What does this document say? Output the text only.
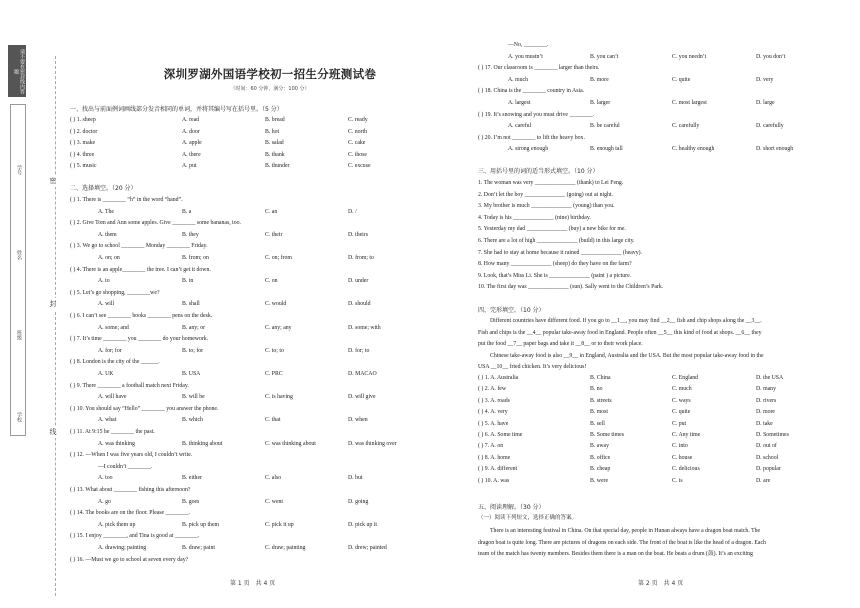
请不要在密封线内答题
学号
姓名
班级
学校
密
封
线
深圳罗湖外国语学校初一招生分班测试卷
（时间：60 分钟，满分：100 分）
一、找出与前面例词画线部分发音相同的单词，并将其编号写在括号里。（5 分）
( ) 1. sheep	A. read	B. bread	C. ready
( ) 2. doctor	A. door	B. hot	C. north
( ) 3. make	A. apple	B. salad	C. cake
( ) 4. three	A. there	B. thank	C. those
( ) 5. music	A. put	B. thunder	C. excuse
二、选择填空。（20 分）
( ) 1. There is ________ “h” in the word “hand”.
A. The	B. a	C. an	D. /
( ) 2. Give Tom and Ann some apples. Give ________ some bananas, too.
A. them	B. they	C. their	D. theirs
( ) 3. We go to school ________ Monday ________ Friday.
A. on; on	B. from; on	C. on; from	D. from; to
( ) 4. There is an apple________ the tree. I can’t get it down.
A. to	B. in	C. on	D. under
( ) 5. Let’s go shopping, ________we?
A. will	B. shall	C. would	D. should
( ) 6. I can’t see ________ books ________ pens on the desk.
A. some; and	B. any; or	C. any; any	D. some; with
( ) 7. It’s time ________ you ________ do your homework.
A. for; for	B. to; for	C. to; to	D. for; to
( ) 8. London is the city of the ______.
A. UK	B. USA	C. PRC	D. MACAO
( ) 9. There ________ a football match next Friday.
A. will have	B. will be	C. is having	D. will give
( ) 10. You should say “Hello” ________ you answer the phone.
A. what	B. which	C. that	D. when
( ) 11. At 9:15 he ________ the past.
A. was thinking	B. thinking about	C. was thinking about	D. was thinking over
( ) 12. —When I was five years old, I couldn’t write.
—I couldn’t ________.
A. too	B. either	C. also	D. but
( ) 13. What about ________ fishing this afternoon?
A. go	B. goes	C. went	D. going
( ) 14. The books are on the floor. Please ________.
A. pick them up	B. pick up them	C. pick it up	D. pick up it
( ) 15. I enjoy ________, and Tina is good at ________.
A. drawing; painting	B. draw; paint	C. draw; painting	D. drew; painted
( ) 16. —Must we go to school at seven every day?
—No, ________.
A. you mustn’t	B. you can’t	C. you needn’t	D. you don’t
( ) 17. Our classroom is ________ larger than theirs.
A. much	B. more	C. quite	D. very
( ) 18. China is the ________ country in Asia.
A. largest	B. larger	C. most largest	D. large
( ) 19. It’s snowing and you must drive ________.
A. careful	B. be careful	C. carefully	D. carefully
( ) 20. I’m not ________ to lift the heavy box.
A. strong enough	B. enough tall	C. healthy enough	D. short enough
三、用括号里的词的适当形式填空。（10 分）
1. The woman was very ______________ (thank) to Lei Feng.
2. Don’t let the boy ______________ (going) out at night.
3. My brother is much ______________ (young) than you.
4. Today is his ______________ (nine) birthday.
5. Yesterday my dad ______________ (buy) a new bike for me.
6. There are a lot of high ______________ (build) in this large city.
7. She had to stay at home because it rained ______________ (heavy).
8. How many ______________ (sheep) do they have on the farm?
9. Look, that’s Miss Li. She is ______________ (paint ) a picture.
10. The first day was ______________ (sun). Sally went to the Children’s Park.
四、完形填空。（10 分）
Different countries have different food. If you go to __1__, you may find __2__ fish and chip shops along the __3__.
Fish and chips is the __4__ popular take-away food in England. People often __5__ this kind of food at shops. __6__ they
put the food __7__ paper bags and take it __8__ or to their work place.
Chinese take-away food is also __9__ in England, Australia and the USA. But the most popular take-away food in the
USA __10__ fried chicken. It’s very delicious!
( ) 1. A. Australia	B. China	C. England	D. the USA
( ) 2. A. few	B. no	C. much	D. many
( ) 3. A. roads	B. streets	C. ways	D. rivers
( ) 4. A. very	B. most	C. quite	D. more
( ) 5. A. have	B. sell	C. put	D. take
( ) 6. A. Some time	B. Some times	C. Any time	D. Sometimes
( ) 7. A. on	B. away	C. into	D. out of
( ) 8. A. home	B. office	C. house	D. school
( ) 9. A. different	B. cheap	C. delicious	D. popular
( ) 10. A. was	B. were	C. is	D. are
五、阅读理解。（30 分）
（一）阅读下列短文，选择正确的答案。
There is an interesting festival in China. On that special day, people in Hunan always have a dragon boat match. The
dragon boat is quite long. There are pictures of dragons on each side. The front of the boat is like the head of a dragon. Each
team of the match has twenty members. Besides them there is a man on the boat. He beats a drum (鼓). It’s an exciting
第 1 页　共 4 页	第 2 页　共 4 页
